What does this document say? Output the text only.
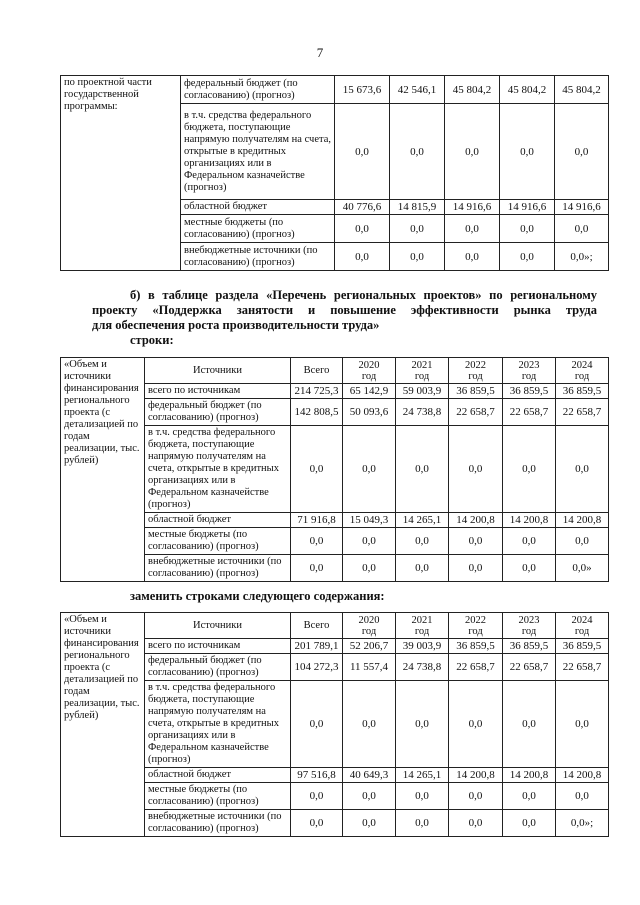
7
по проектной части государственной программы:	федеральный бюджет (по согласованию) (прогноз)	15 673,6	42 546,1	45 804,2	45 804,2	45 804,2
	в т.ч. средства федерального бюджета, поступающие напрямую получателям на счета, открытые в кредитных организациях или в Федеральном казначействе (прогноз)	0,0	0,0	0,0	0,0	0,0
	областной бюджет	40 776,6	14 815,9	14 916,6	14 916,6	14 916,6
	местные бюджеты (по согласованию) (прогноз)	0,0	0,0	0,0	0,0	0,0
	внебюджетные источники (по согласованию) (прогноз)	0,0	0,0	0,0	0,0	0,0»;
б) в таблице раздела «Перечень региональных проектов» по региональному
проекту «Поддержка занятости и повышение эффективности рынка труда
для обеспечения роста производительности труда»
строки:
«Объем и источники финансирования регионального проекта (с детализацией по годам реализации, тыс. рублей)	Источники	Всего	2020
год	2021
год	2022
год	2023
год	2024
год

	всего по источникам	214 725,3	65 142,9	59 003,9	36 859,5	36 859,5	36 859,5
	федеральный бюджет (по согласованию) (прогноз)	142 808,5	50 093,6	24 738,8	22 658,7	22 658,7	22 658,7
	в т.ч. средства федерального бюджета, поступающие напрямую получателям на счета, открытые в кредитных организациях или в Федеральном казначействе (прогноз)	0,0	0,0	0,0	0,0	0,0	0,0
	областной бюджет	71 916,8	15 049,3	14 265,1	14 200,8	14 200,8	14 200,8
	местные бюджеты (по согласованию) (прогноз)	0,0	0,0	0,0	0,0	0,0	0,0
	внебюджетные источники (по согласованию) (прогноз)	0,0	0,0	0,0	0,0	0,0	0,0»
заменить строками следующего содержания:
«Объем и источники финансирования регионального проекта (с детализацией по годам реализации, тыс. рублей)	Источники	Всего	2020
год	2021
год	2022
год	2023
год	2024
год

	всего по источникам	201 789,1	52 206,7	39 003,9	36 859,5	36 859,5	36 859,5
	федеральный бюджет (по согласованию) (прогноз)	104 272,3	11 557,4	24 738,8	22 658,7	22 658,7	22 658,7
	в т.ч. средства федерального бюджета, поступающие напрямую получателям на счета, открытые в кредитных организациях или в Федеральном казначействе (прогноз)	0,0	0,0	0,0	0,0	0,0	0,0
	областной бюджет	97 516,8	40 649,3	14 265,1	14 200,8	14 200,8	14 200,8
	местные бюджеты (по согласованию) (прогноз)	0,0	0,0	0,0	0,0	0,0	0,0
	внебюджетные источники (по согласованию) (прогноз)	0,0	0,0	0,0	0,0	0,0	0,0»;
